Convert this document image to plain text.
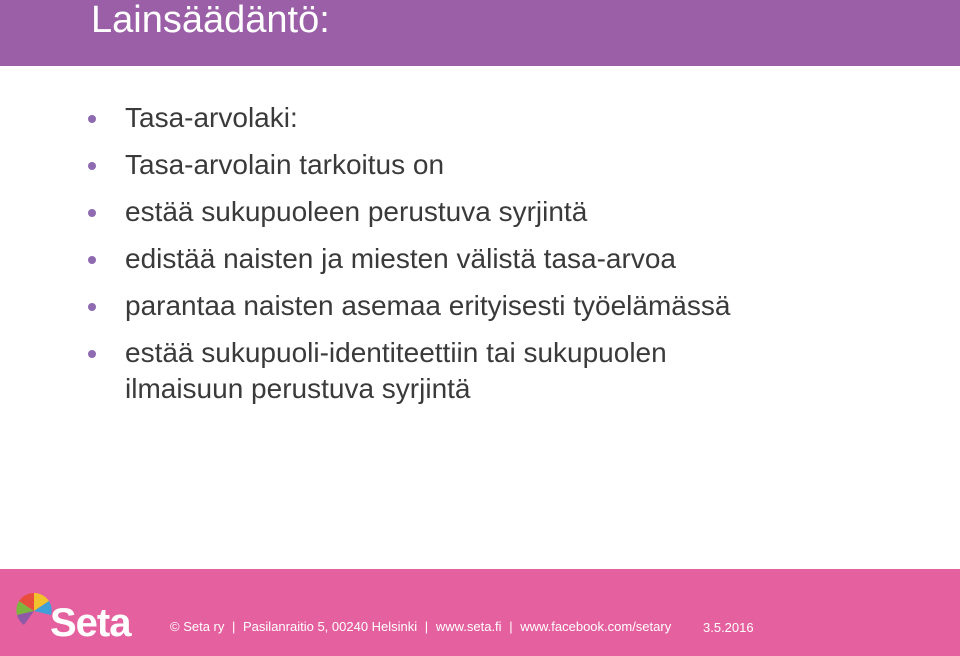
Lainsäädäntö:
Tasa-arvolaki:
Tasa-arvolain tarkoitus on
estää sukupuoleen perustuva syrjintä
edistää naisten ja miesten välistä tasa-arvoa
parantaa naisten asemaa erityisesti työelämässä
estää sukupuoli-identiteettiin tai sukupuolen ilmaisuun perustuva syrjintä
Seta	© Seta ry | Pasilanraitio 5, 00240 Helsinki | www.seta.fi | www.facebook.com/setary 3.5.2016
